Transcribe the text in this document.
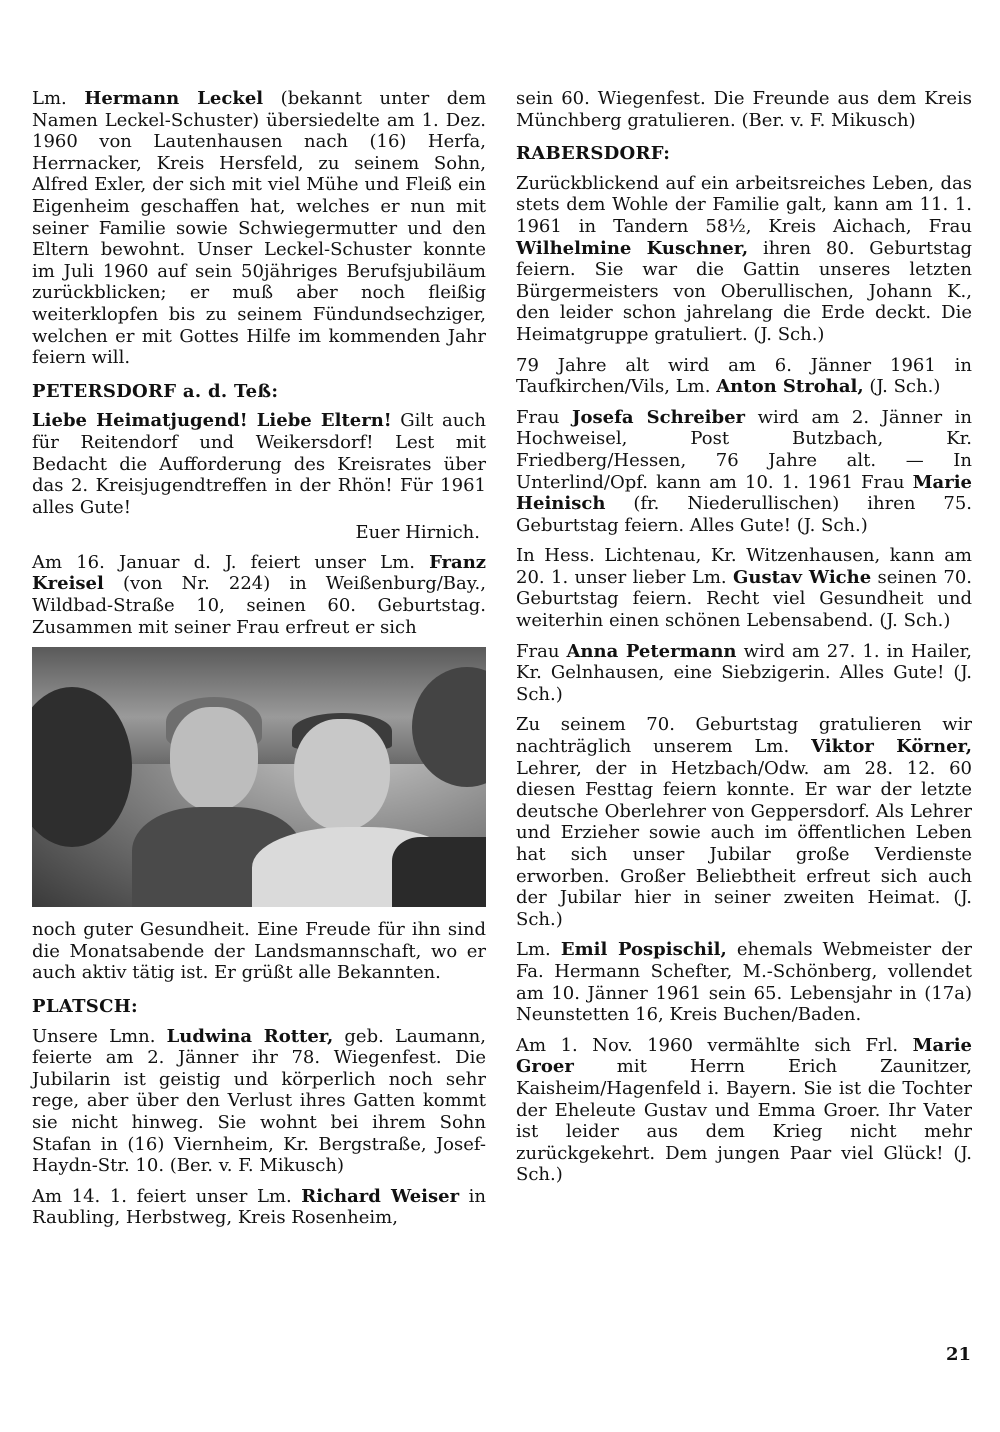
Lm. Hermann Leckel (bekannt unter dem Namen Leckel-Schuster) übersiedelte am 1. Dez. 1960 von Lautenhausen nach (16) Herfa, Herrnacker, Kreis Hersfeld, zu seinem Sohn, Alfred Exler, der sich mit viel Mühe und Fleiß ein Eigenheim geschaffen hat, welches er nun mit seiner Familie sowie Schwiegermutter und den Eltern bewohnt. Unser Leckel-Schuster konnte im Juli 1960 auf sein 50jähriges Berufsjubiläum zurückblicken; er muß aber noch fleißig weiterklopfen bis zu seinem Fündundsechziger, welchen er mit Gottes Hilfe im kommenden Jahr feiern will.

PETERSDORF a. d. Teß:

Liebe Heimatjugend! Liebe Eltern! Gilt auch für Reitendorf und Weikersdorf! Lest mit Bedacht die Aufforderung des Kreisrates über das 2. Kreisjugendtreffen in der Rhön! Für 1961 alles Gute!

Euer Hirnich.

Am 16. Januar d. J. feiert unser Lm. Franz Kreisel (von Nr. 224) in Weißenburg/Bay., Wildbad-Straße 10, seinen 60. Geburtstag. Zusammen mit seiner Frau erfreut er sich

noch guter Gesundheit. Eine Freude für ihn sind die Monatsabende der Landsmannschaft, wo er auch aktiv tätig ist. Er grüßt alle Bekannten.

PLATSCH:

Unsere Lmn. Ludwina Rotter, geb. Laumann, feierte am 2. Jänner ihr 78. Wiegenfest. Die Jubilarin ist geistig und körperlich noch sehr rege, aber über den Verlust ihres Gatten kommt sie nicht hinweg. Sie wohnt bei ihrem Sohn Stafan in (16) Viernheim, Kr. Bergstraße, Josef-Haydn-Str. 10. (Ber. v. F. Mikusch)

Am 14. 1. feiert unser Lm. Richard Weiser in Raubling, Herbstweg, Kreis Rosenheim,

sein 60. Wiegenfest. Die Freunde aus dem Kreis Münchberg gratulieren. (Ber. v. F. Mikusch)

RABERSDORF:

Zurückblickend auf ein arbeitsreiches Leben, das stets dem Wohle der Familie galt, kann am 11. 1. 1961 in Tandern 58½, Kreis Aichach, Frau Wilhelmine Kuschner, ihren 80. Geburtstag feiern. Sie war die Gattin unseres letzten Bürgermeisters von Oberullischen, Johann K., den leider schon jahrelang die Erde deckt. Die Heimatgruppe gratuliert. (J. Sch.)

79 Jahre alt wird am 6. Jänner 1961 in Taufkirchen/Vils, Lm. Anton Strohal, (J. Sch.)

Frau Josefa Schreiber wird am 2. Jänner in Hochweisel, Post Butzbach, Kr. Friedberg/Hessen, 76 Jahre alt. — In Unterlind/Opf. kann am 10. 1. 1961 Frau Marie Heinisch (fr. Niederullischen) ihren 75. Geburtstag feiern. Alles Gute! (J. Sch.)

In Hess. Lichtenau, Kr. Witzenhausen, kann am 20. 1. unser lieber Lm. Gustav Wiche seinen 70. Geburtstag feiern. Recht viel Gesundheit und weiterhin einen schönen Lebensabend. (J. Sch.)

Frau Anna Petermann wird am 27. 1. in Hailer, Kr. Gelnhausen, eine Siebzigerin. Alles Gute! (J. Sch.)

Zu seinem 70. Geburtstag gratulieren wir nachträglich unserem Lm. Viktor Körner, Lehrer, der in Hetzbach/Odw. am 28. 12. 60 diesen Festtag feiern konnte. Er war der letzte deutsche Oberlehrer von Geppersdorf. Als Lehrer und Erzieher sowie auch im öffentlichen Leben hat sich unser Jubilar große Verdienste erworben. Großer Beliebtheit erfreut sich auch der Jubilar hier in seiner zweiten Heimat. (J. Sch.)

Lm. Emil Pospischil, ehemals Webmeister der Fa. Hermann Schefter, M.-Schönberg, vollendet am 10. Jänner 1961 sein 65. Lebensjahr in (17a) Neunstetten 16, Kreis Buchen/Baden.

Am 1. Nov. 1960 vermählte sich Frl. Marie Groer mit Herrn Erich Zaunitzer, Kaisheim/Hagenfeld i. Bayern. Sie ist die Tochter der Eheleute Gustav und Emma Groer. Ihr Vater ist leider aus dem Krieg nicht mehr zurückgekehrt. Dem jungen Paar viel Glück! (J. Sch.)

21
